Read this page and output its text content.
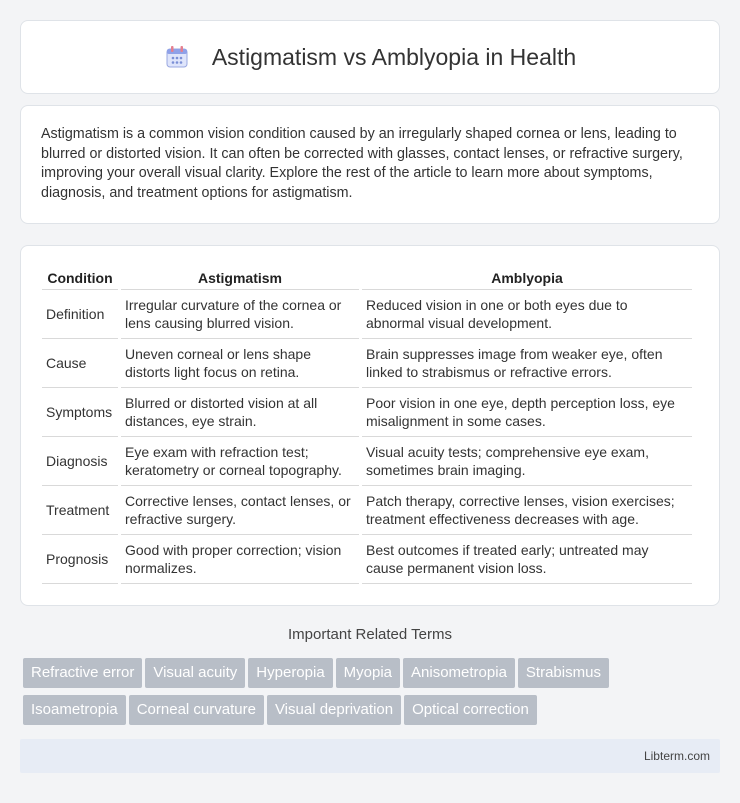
Astigmatism vs Amblyopia in Health

Astigmatism is a common vision condition caused by an irregularly shaped cornea or lens, leading to blurred or distorted vision. It can often be corrected with glasses, contact lenses, or refractive surgery, improving your overall visual clarity. Explore the rest of the article to learn more about symptoms, diagnosis, and treatment options for astigmatism.

Condition	Astigmatism	Amblyopia
Definition	Irregular curvature of the cornea or lens causing blurred vision.	Reduced vision in one or both eyes due to abnormal visual development.
Cause	Uneven corneal or lens shape distorts light focus on retina.	Brain suppresses image from weaker eye, often linked to strabismus or refractive errors.
Symptoms	Blurred or distorted vision at all distances, eye strain.	Poor vision in one eye, depth perception loss, eye misalignment in some cases.
Diagnosis	Eye exam with refraction test; keratometry or corneal topography.	Visual acuity tests; comprehensive eye exam, sometimes brain imaging.
Treatment	Corrective lenses, contact lenses, or refractive surgery.	Patch therapy, corrective lenses, vision exercises; treatment effectiveness decreases with age.
Prognosis	Good with proper correction; vision normalizes.	Best outcomes if treated early; untreated may cause permanent vision loss.
Important Related Terms
Refractive error Visual acuity Hyperopia Myopia Anisometropia Strabismus
Isoametropia Corneal curvature Visual deprivation Optical correction
Libterm.com
